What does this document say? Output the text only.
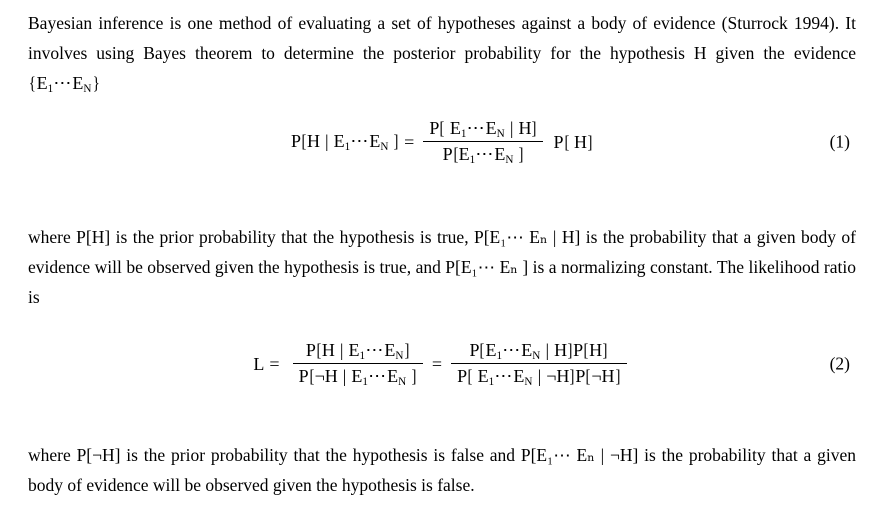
Bayesian inference is one method of evaluating a set of hypotheses against a body of evidence (Sturrock 1994). It involves using Bayes theorem to determine the posterior probability for the hypothesis H given the evidence $\{E_1\cdots E_N\}$
P[H | $E_1\cdots E_N$ ] = $\frac{P[ E_1\cdots E_N | H]}{P[E_1\cdots E_N ]} P$[ H]	(1)
where P[H] is the prior probability that the hypothesis is true, P[E₁⋯ Eₙ | H] is the probability that a given body of evidence will be observed given the hypothesis is true, and P[E₁⋯ Eₙ ] is a normalizing constant. The likelihood ratio is
$L = \frac{P[H | E_1\cdots E_N]}{P[\neg H | E_1\cdots E_N ]} = \frac{P[E_1\cdots E_N | H]P[H]}{P[ E_1\cdots E_N | \neg H]P[\neg H]}$	(2)
where P[¬H] is the prior probability that the hypothesis is false and P[E₁⋯ Eₙ | ¬H] is the probability that a given body of evidence will be observed given the hypothesis is false.
